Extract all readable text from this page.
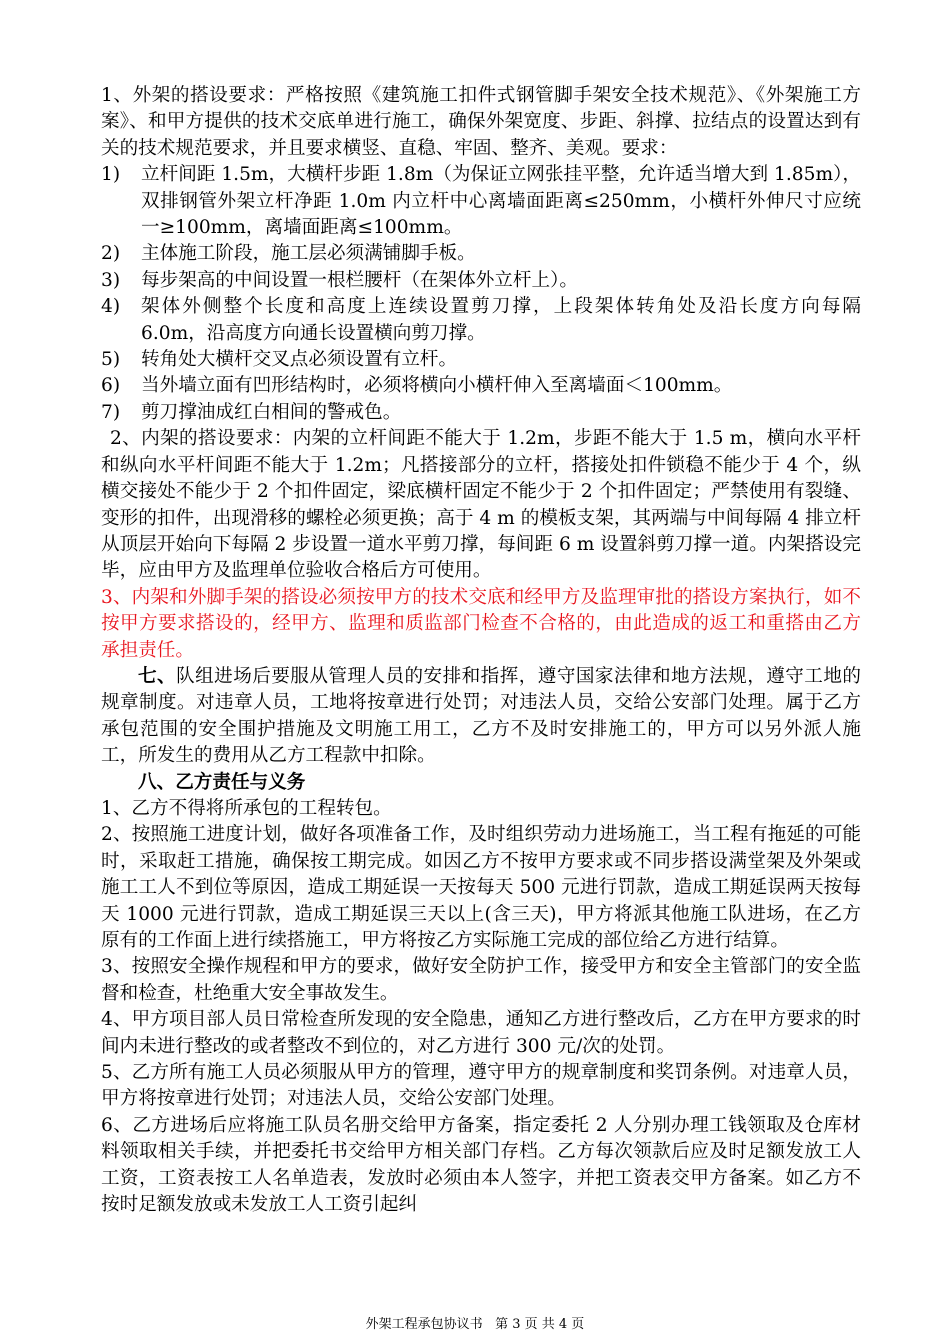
1、外架的搭设要求：严格按照《建筑施工扣件式钢管脚手架安全技术规范》、《外架施工方案》、和甲方提供的技术交底单进行施工，确保外架宽度、步距、斜撑、拉结点的设置达到有关的技术规范要求，并且要求横竖、直稳、牢固、整齐、美观。要求：

1)	立杆间距 1.5m，大横杆步距 1.8m（为保证立网张挂平整，允许适当增大到 1.85m），双排钢管外架立杆净距 1.0m 内立杆中心离墙面距离≤250mm，小横杆外伸尺寸应统一≥100mm，离墙面距离≤100mm。
2)	主体施工阶段，施工层必须满铺脚手板。
3)	每步架高的中间设置一根栏腰杆（在架体外立杆上）。
4)	架体外侧整个长度和高度上连续设置剪刀撑，上段架体转角处及沿长度方向每隔 6.0m，沿高度方向通长设置横向剪刀撑。
5)	转角处大横杆交叉点必须设置有立杆。
6)	当外墙立面有凹形结构时，必须将横向小横杆伸入至离墙面＜100mm。
7)	剪刀撑油成红白相间的警戒色。

2、内架的搭设要求：内架的立杆间距不能大于 1.2m，步距不能大于 1.5 m，横向水平杆和纵向水平杆间距不能大于 1.2m；凡搭接部分的立杆，搭接处扣件锁稳不能少于 4 个，纵横交接处不能少于 2 个扣件固定，梁底横杆固定不能少于 2 个扣件固定；严禁使用有裂缝、变形的扣件，出现滑移的螺栓必须更换；高于 4 m 的模板支架，其两端与中间每隔 4 排立杆从顶层开始向下每隔 2 步设置一道水平剪刀撑，每间距 6 m 设置斜剪刀撑一道。内架搭设完毕，应由甲方及监理单位验收合格后方可使用。

3、内架和外脚手架的搭设必须按甲方的技术交底和经甲方及监理审批的搭设方案执行，如不按甲方要求搭设的，经甲方、监理和质监部门检查不合格的，由此造成的返工和重搭由乙方承担责任。

七、队组进场后要服从管理人员的安排和指挥，遵守国家法律和地方法规，遵守工地的规章制度。对违章人员，工地将按章进行处罚；对违法人员，交给公安部门处理。属于乙方承包范围的安全围护措施及文明施工用工，乙方不及时安排施工的，甲方可以另外派人施工，所发生的费用从乙方工程款中扣除。

八、乙方责任与义务

1、乙方不得将所承包的工程转包。

2、按照施工进度计划，做好各项准备工作，及时组织劳动力进场施工，当工程有拖延的可能时，采取赶工措施，确保按工期完成。如因乙方不按甲方要求或不同步搭设满堂架及外架或施工工人不到位等原因，造成工期延误一天按每天 500 元进行罚款，造成工期延误两天按每天 1000 元进行罚款，造成工期延误三天以上(含三天)，甲方将派其他施工队进场，在乙方原有的工作面上进行续搭施工，甲方将按乙方实际施工完成的部位给乙方进行结算。

3、按照安全操作规程和甲方的要求，做好安全防护工作，接受甲方和安全主管部门的安全监督和检查，杜绝重大安全事故发生。

4、甲方项目部人员日常检查所发现的安全隐患，通知乙方进行整改后，乙方在甲方要求的时间内未进行整改的或者整改不到位的，对乙方进行 300 元/次的处罚。

5、乙方所有施工人员必须服从甲方的管理，遵守甲方的规章制度和奖罚条例。对违章人员，甲方将按章进行处罚；对违法人员，交给公安部门处理。

6、乙方进场后应将施工队员名册交给甲方备案，指定委托 2 人分别办理工钱领取及仓库材料领取相关手续，并把委托书交给甲方相关部门存档。乙方每次领款后应及时足额发放工人工资，工资表按工人名单造表，发放时必须由本人签字，并把工资表交甲方备案。如乙方不按时足额发放或未发放工人工资引起纠

外架工程承包协议书 第 3 页 共 4 页
